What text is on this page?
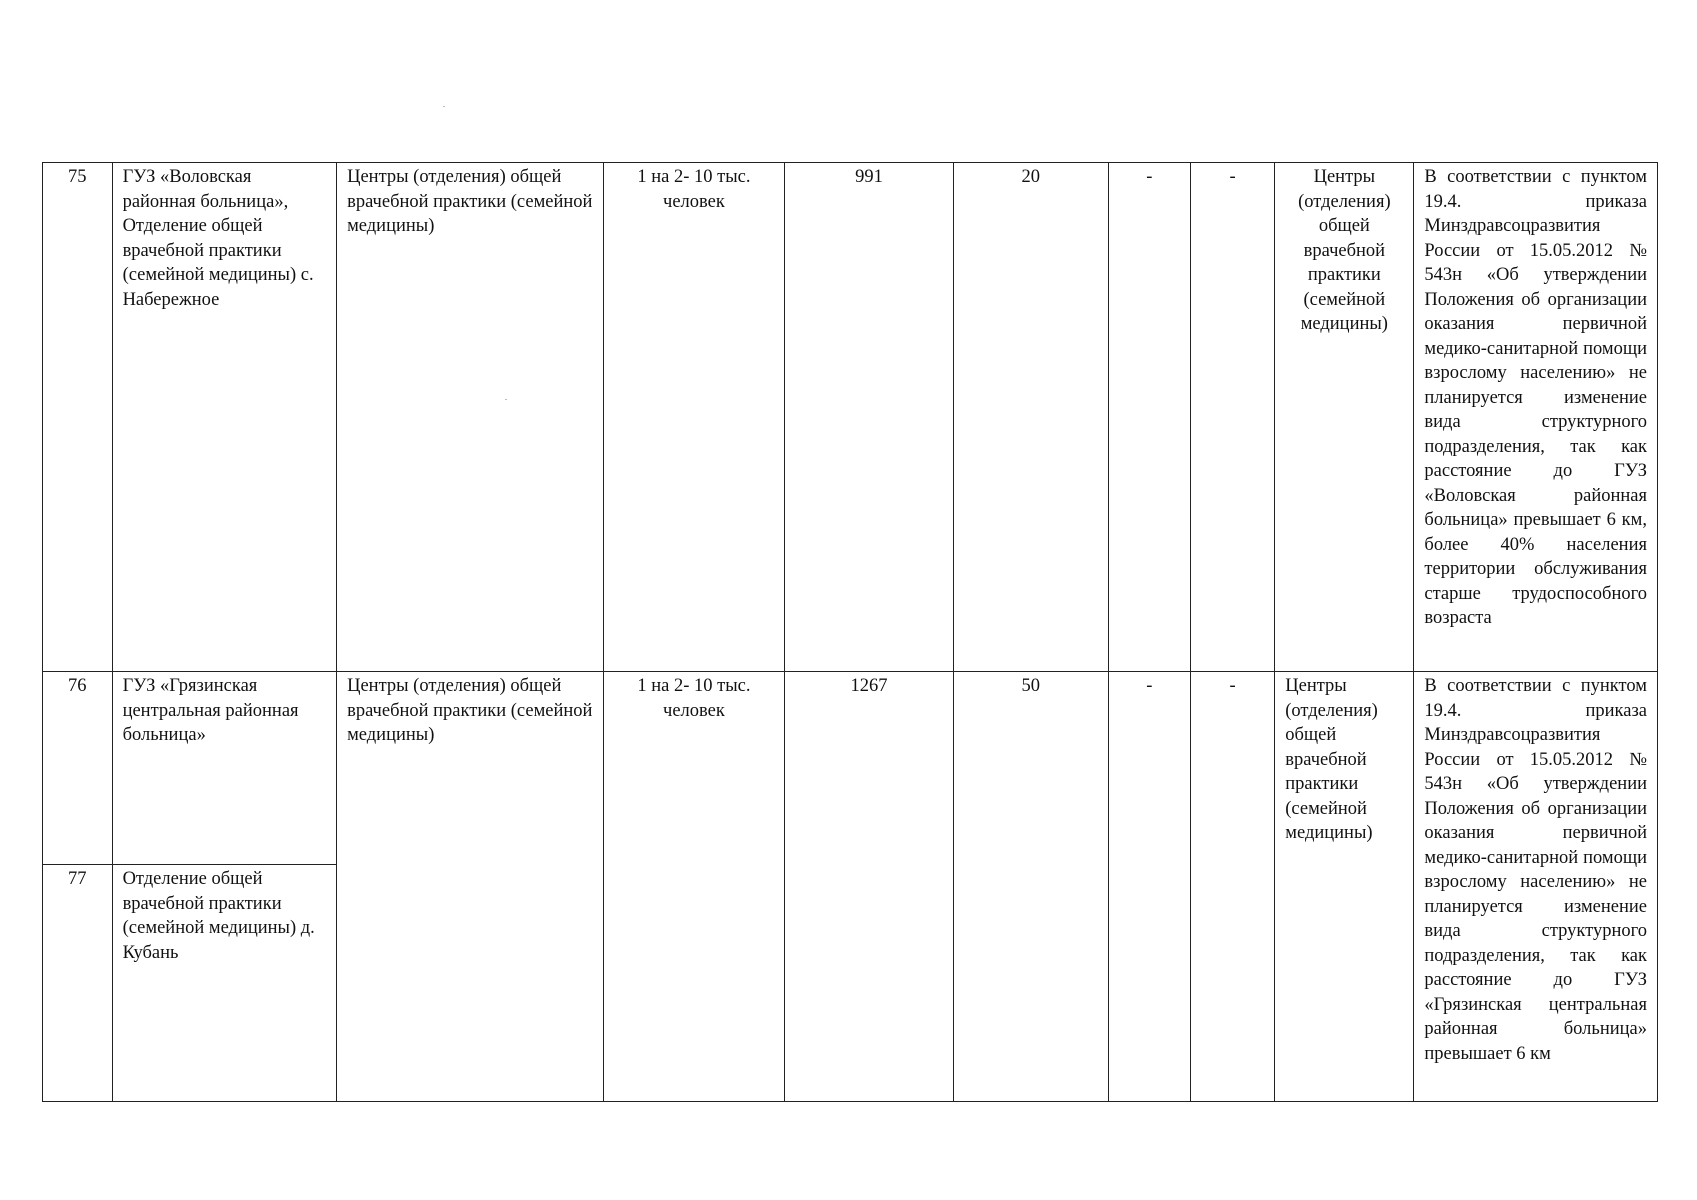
75	ГУЗ «Воловская районная больница», Отделение общей врачебной практики (семейной медицины) с. Набережное	Центры (отделения) общей врачебной практики (семейной медицины)	1 на 2- 10 тыс. человек	991	20	-	-	Центры (отделения) общей врачебной практики (семейной медицины)	В соответствии с пунктом 19.4. приказа Минздравсоцразвития России от 15.05.2012 № 543н «Об утверждении Положения об организации оказания первичной медико-санитарной помощи взрослому населению» не планируется изменение вида структурного подразделения, так как расстояние до ГУЗ «Воловская районная больница» превышает 6 км, более 40% населения территории обслуживания старше трудоспособного возраста
76	ГУЗ «Грязинская центральная районная больница»	Центры (отделения) общей врачебной практики (семейной медицины)	1 на 2- 10 тыс. человек	1267	50	-	-	Центры (отделения) общей врачебной практики (семейной медицины)	В соответствии с пунктом 19.4. приказа Минздравсоцразвития России от 15.05.2012 № 543н «Об утверждении Положения об организации оказания первичной медико-санитарной помощи взрослому населению» не планируется изменение вида структурного подразделения, так как расстояние до ГУЗ «Грязинская центральная районная больница» превышает 6 км
77	Отделение общей врачебной практики (семейной медицины) д. Кубань								
